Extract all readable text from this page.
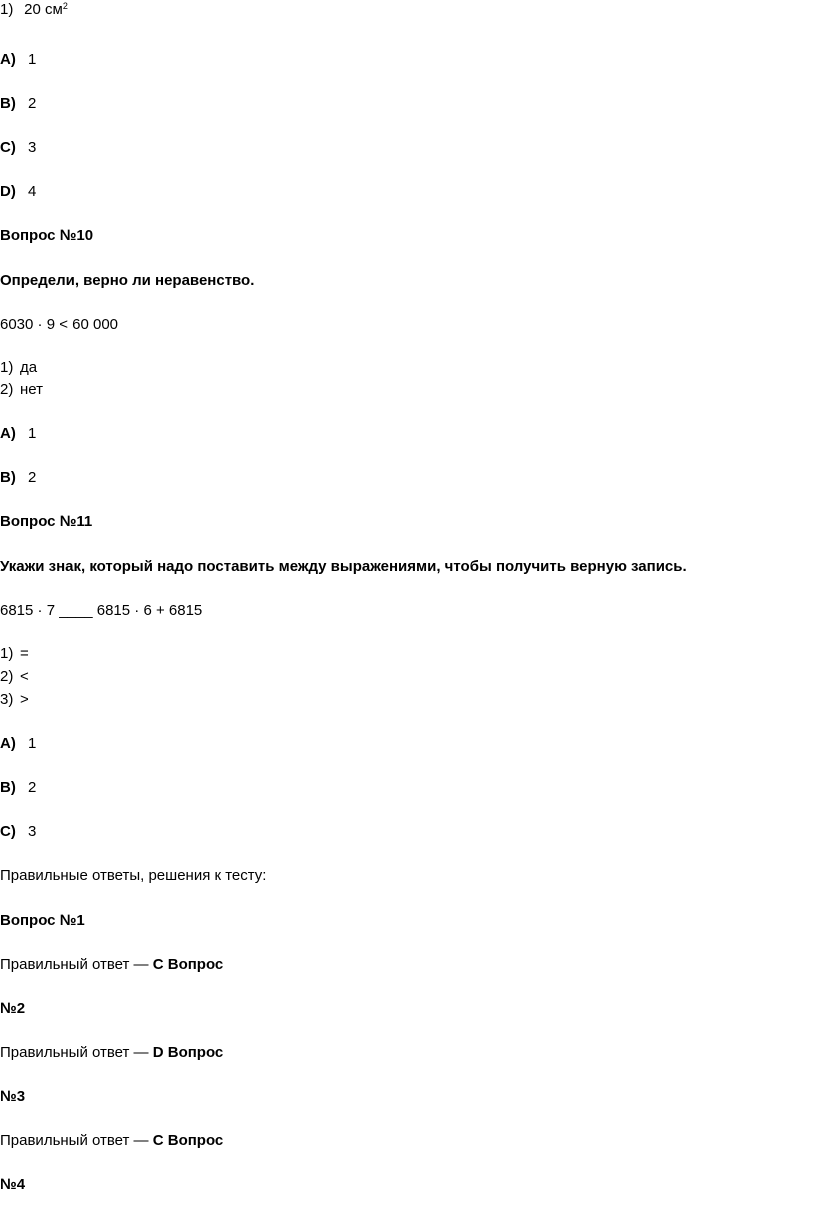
1) 20 $см^2$
A) 1
B) 2
C) 3
D) 4
Вопрос №10
Определи, верно ли неравенство.
6030 · 9 < 60 000
1) да
2) нет
A) 1
B) 2
Вопрос №11
Укажи знак, который надо поставить между выражениями, чтобы получить верную запись.
6815 · 7 ____ 6815 · 6 + 6815
1) =
2) <
3) >
A) 1
B) 2
C) 3
Правильные ответы, решения к тесту:
Вопрос №1
Правильный ответ — C Вопрос
№2
Правильный ответ — D Вопрос
№3
Правильный ответ — C Вопрос
№4
